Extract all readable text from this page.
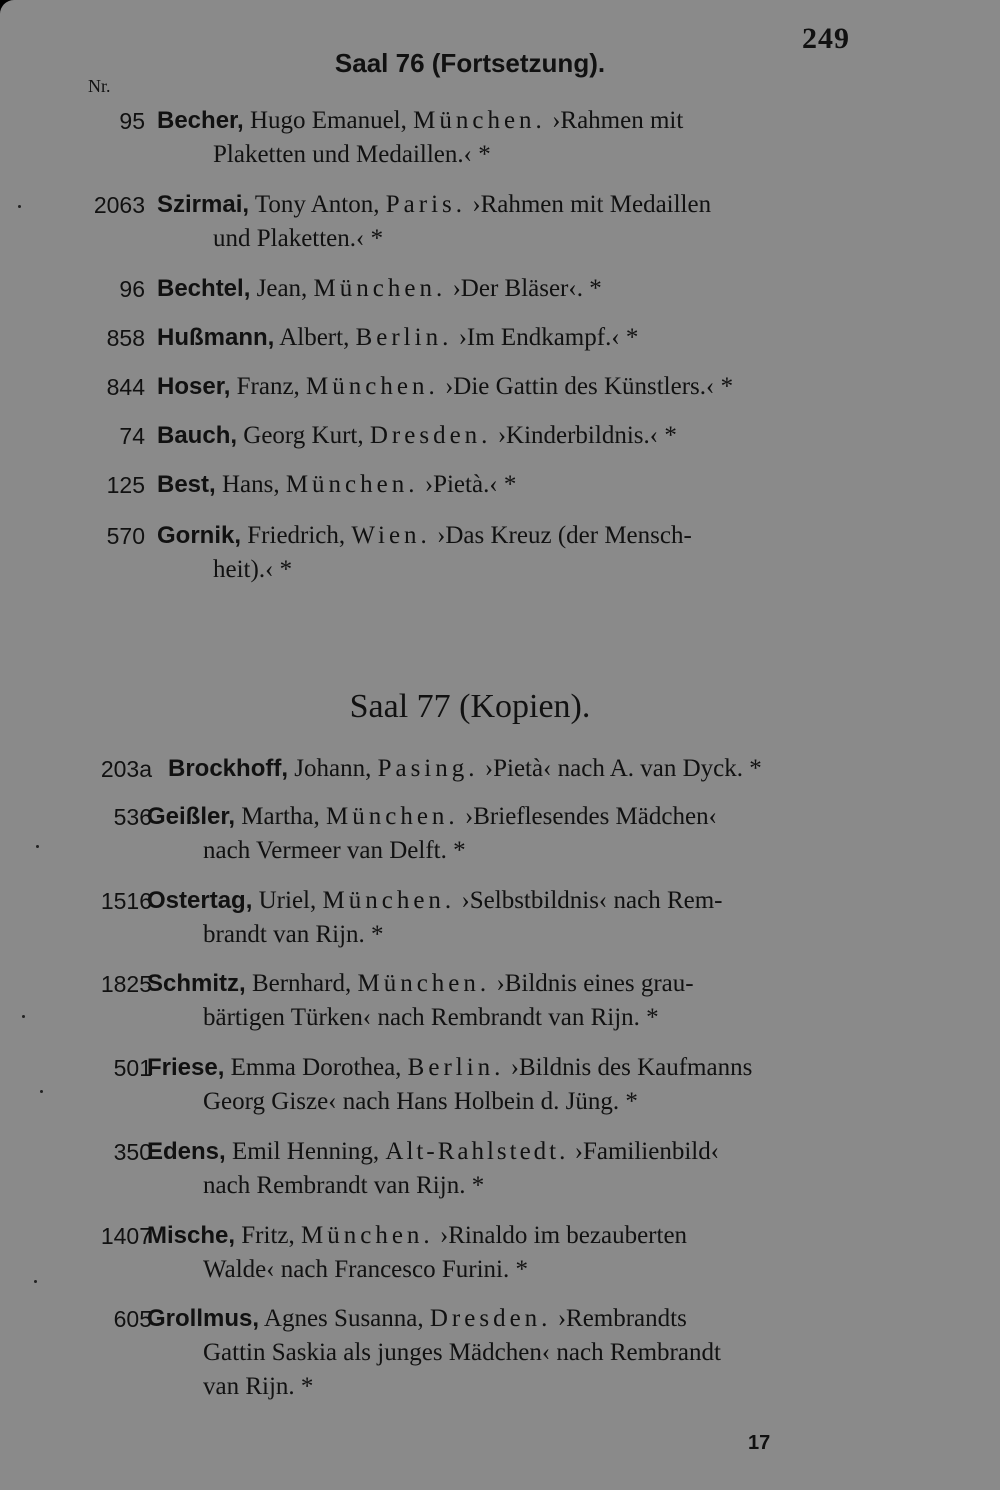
249
Nr.
Saal 76 (Fortsetzung).
95 Becher, Hugo Emanuel, München. ›Rahmen mit
Plaketten und Medaillen.‹ *
2063 Szirmai, Tony Anton, Paris. ›Rahmen mit Medaillen
und Plaketten.‹ *
96 Bechtel, Jean, München. ›Der Bläser‹. *
858 Hußmann, Albert, Berlin. ›Im Endkampf.‹ *
844 Hoser, Franz, München. ›Die Gattin des Künstlers.‹ *
74 Bauch, Georg Kurt, Dresden. ›Kinderbildnis.‹ *
125 Best, Hans, München. ›Pietà.‹ *
570 Gornik, Friedrich, Wien. ›Das Kreuz (der Mensch-
heit).‹ *
Saal 77 (Kopien).
203a Brockhoff, Johann, Pasing. ›Pietà‹ nach A. van Dyck. *
536
Geißler, Martha, München. ›Brieflesendes Mädchen‹
nach Vermeer van Delft. *
1516
Ostertag, Uriel, München. ›Selbstbildnis‹ nach Rem-
brandt van Rijn. *
1825
Schmitz, Bernhard, München. ›Bildnis eines grau-
bärtigen Türken‹ nach Rembrandt van Rijn. *
501
Friese, Emma Dorothea, Berlin. ›Bildnis des Kaufmanns
Georg Gisze‹ nach Hans Holbein d. Jüng. *
350
Edens, Emil Henning, Alt-Rahlstedt. ›Familienbild‹
nach Rembrandt van Rijn. *
1407
Mische, Fritz, München. ›Rinaldo im bezauberten
Walde‹ nach Francesco Furini. *
605
Grollmus, Agnes Susanna, Dresden. ›Rembrandts
Gattin Saskia als junges Mädchen‹ nach Rembrandt
van Rijn. *
17
